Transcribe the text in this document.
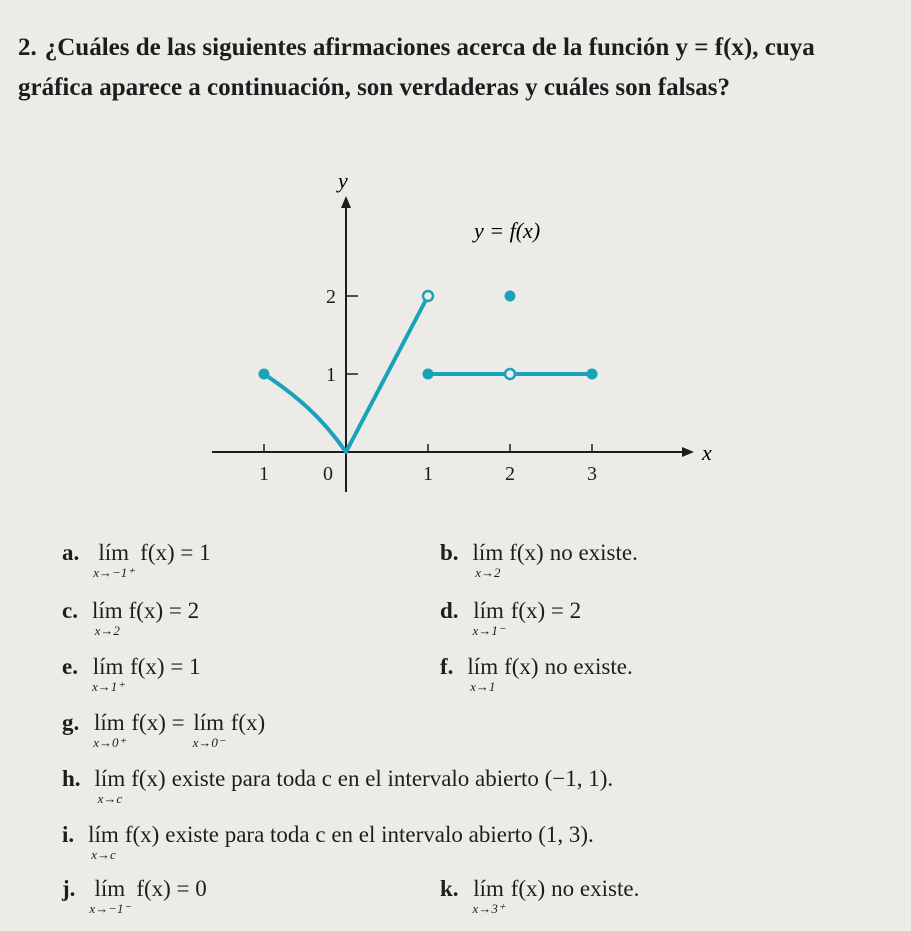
2. ¿Cuáles de las siguientes afirmaciones acerca de la función y = f(x), cuya gráfica aparece a continuación, son verdaderas y cuáles son falsas?
1	0	1	2	3
1
2
y
x
y = f(x)
a. lím
x→−1⁺
f(x) = 1	b. lím
x→2
f(x) no existe.
c. lím
x→2
f(x) = 2	d. lím
x→1⁻
f(x) = 2
e. lím
x→1⁺
f(x) = 1	f. lím
x→1
f(x) no existe.
g. lím
x→0⁺
f(x) = lím
x→0⁻
f(x)
h. lím
x→c
f(x) existe para toda c en el intervalo abierto (−1, 1).
i. lím
x→c
f(x) existe para toda c en el intervalo abierto (1, 3).
j. lím
x→−1⁻
f(x) = 0	k. lím
x→3⁺
f(x) no existe.
